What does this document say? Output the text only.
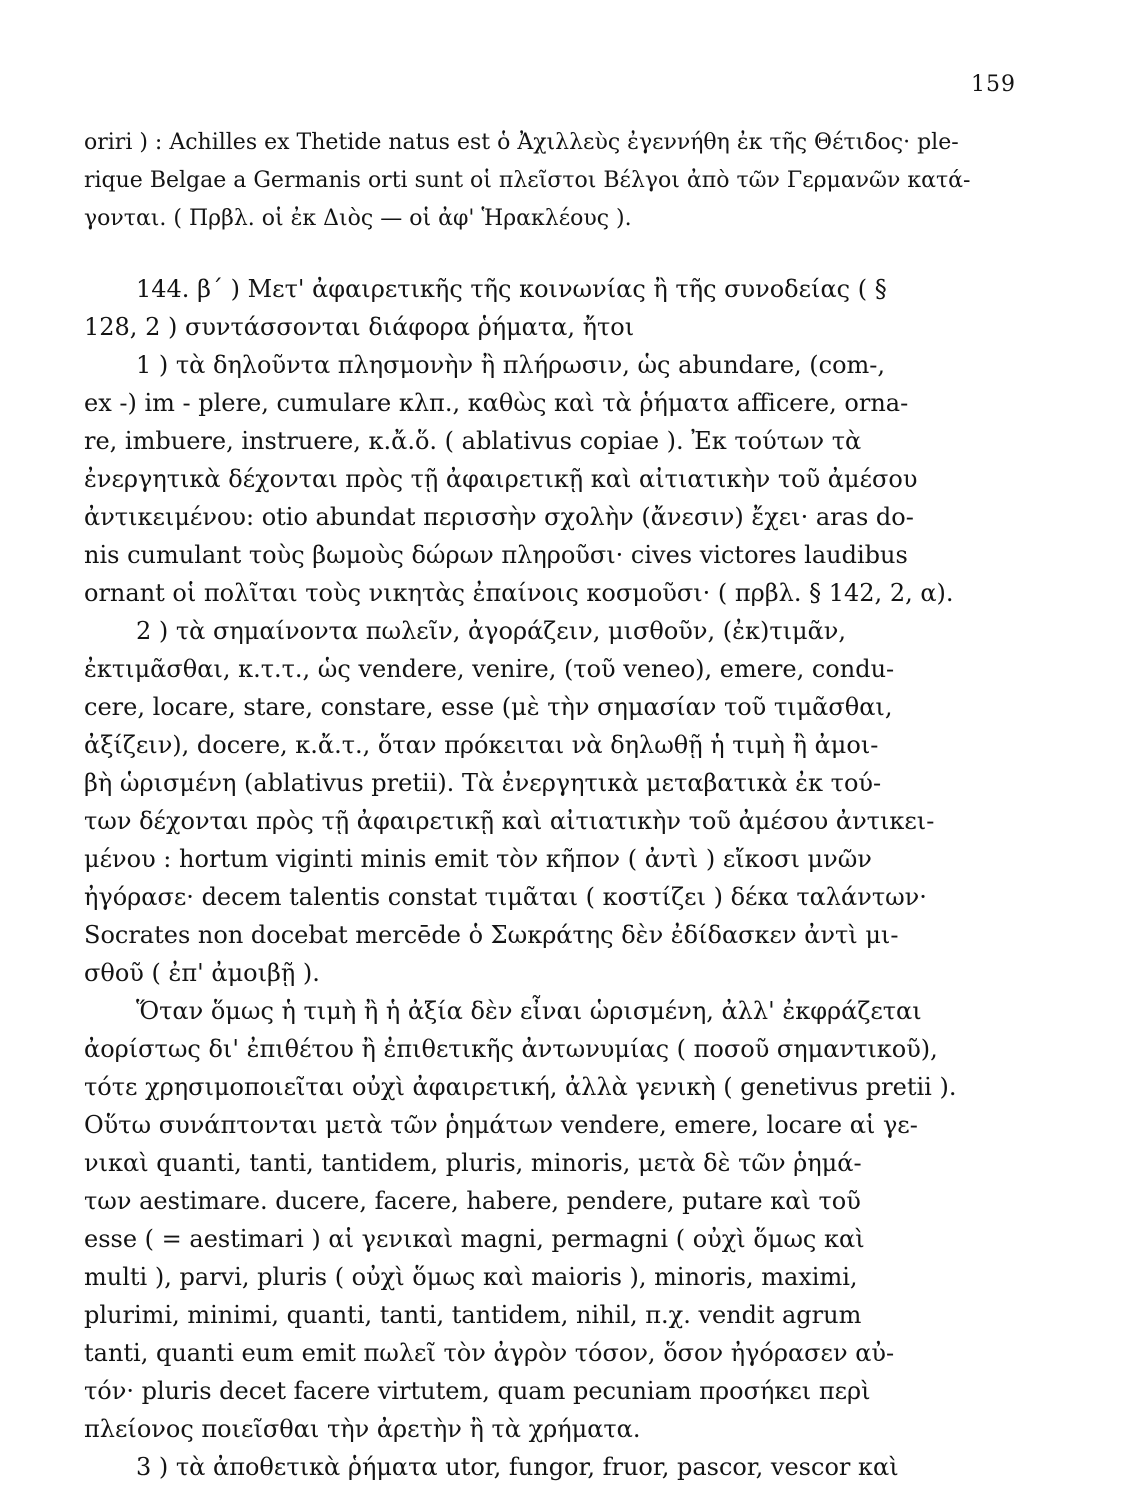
159
oriri ) : Achilles ex Thetide natus est ὁ Ἀχιλλεὺς ἐγεννήθη ἐκ τῆς Θέτιδος· ple-
rique Belgae a Germanis orti sunt οἱ πλεῖστοι Βέλγοι ἀπὸ τῶν Γερμανῶν κατά-
γονται. ( Πρβλ. οἱ ἐκ Διὸς — οἱ ἀφ' Ἡρακλέους ).
144. β΄ ) Μετ' ἀφαιρετικῆς τῆς κοινωνίας ἢ τῆς συνοδείας ( §
128, 2 ) συντάσσονται διάφορα ῥήματα, ἤτοι
1 ) τὰ δηλοῦντα πλησμονὴν ἢ πλήρωσιν, ὡς abundare, (com-,
ex -) im - plere, cumulare κλπ., καθὼς καὶ τὰ ῥήματα afficere, orna-
re, imbuere, instruere, κ.ἄ.ὅ. ( ablativus copiae ). Ἐκ τούτων τὰ
ἐνεργητικὰ δέχονται πρὸς τῇ ἀφαιρετικῇ καὶ αἰτιατικὴν τοῦ ἀμέσου
ἀντικειμένου: otio abundat περισσὴν σχολὴν (ἄνεσιν) ἔχει· aras do-
nis cumulant τοὺς βωμοὺς δώρων πληροῦσι· cives victores laudibus
ornant οἱ πολῖται τοὺς νικητὰς ἐπαίνοις κοσμοῦσι· ( πρβλ. § 142, 2, α).
2 ) τὰ σημαίνοντα πωλεῖν, ἀγοράζειν, μισθοῦν, (ἐκ)τιμᾶν,
ἐκτιμᾶσθαι, κ.τ.τ., ὡς vendere, venire, (τοῦ veneo), emere, condu-
cere, locare, stare, constare, esse (μὲ τὴν σημασίαν τοῦ τιμᾶσθαι,
ἀξίζειν), docere, κ.ἄ.τ., ὅταν πρόκειται νὰ δηλωθῇ ἡ τιμὴ ἢ ἀμοι-
βὴ ὡρισμένη (ablativus pretii). Τὰ ἐνεργητικὰ μεταβατικὰ ἐκ τού-
των δέχονται πρὸς τῇ ἀφαιρετικῇ καὶ αἰτιατικὴν τοῦ ἀμέσου ἀντικει-
μένου : hortum viginti minis emit τὸν κῆπον ( ἀντὶ ) εἴκοσι μνῶν
ἠγόρασε· decem talentis constat τιμᾶται ( κοστίζει ) δέκα ταλάντων·
Socrates non docebat mercēde ὁ Σωκράτης δὲν ἐδίδασκεν ἀντὶ μι-
σθοῦ ( ἐπ' ἀμοιβῇ ).
Ὅταν ὅμως ἡ τιμὴ ἢ ἡ ἀξία δὲν εἶναι ὡρισμένη, ἀλλ' ἐκφράζεται
ἀορίστως δι' ἐπιθέτου ἢ ἐπιθετικῆς ἀντωνυμίας ( ποσοῦ σημαντικοῦ),
τότε χρησιμοποιεῖται οὐχὶ ἀφαιρετική, ἀλλὰ γενικὴ ( genetivus pretii ).
Οὕτω συνάπτονται μετὰ τῶν ῥημάτων vendere, emere, locare αἱ γε-
νικαὶ quanti, tanti, tantidem, pluris, minoris, μετὰ δὲ τῶν ῥημά-
των aestimare. ducere, facere, habere, pendere, putare καὶ τοῦ
esse ( = aestimari ) αἱ γενικαὶ magni, permagni ( οὐχὶ ὅμως καὶ
multi ), parvi, pluris ( οὐχὶ ὅμως καὶ maioris ), minoris, maximi,
plurimi, minimi, quanti, tanti, tantidem, nihil, π.χ. vendit agrum
tanti, quanti eum emit πωλεῖ τὸν ἀγρὸν τόσον, ὅσον ἠγόρασεν αὐ-
τόν· pluris decet facere virtutem, quam pecuniam προσήκει περὶ
πλείονος ποιεῖσθαι τὴν ἀρετὴν ἢ τὰ χρήματα.
3 ) τὰ ἀποθετικὰ ῥήματα utor, fungor, fruor, pascor, vescor καὶ
